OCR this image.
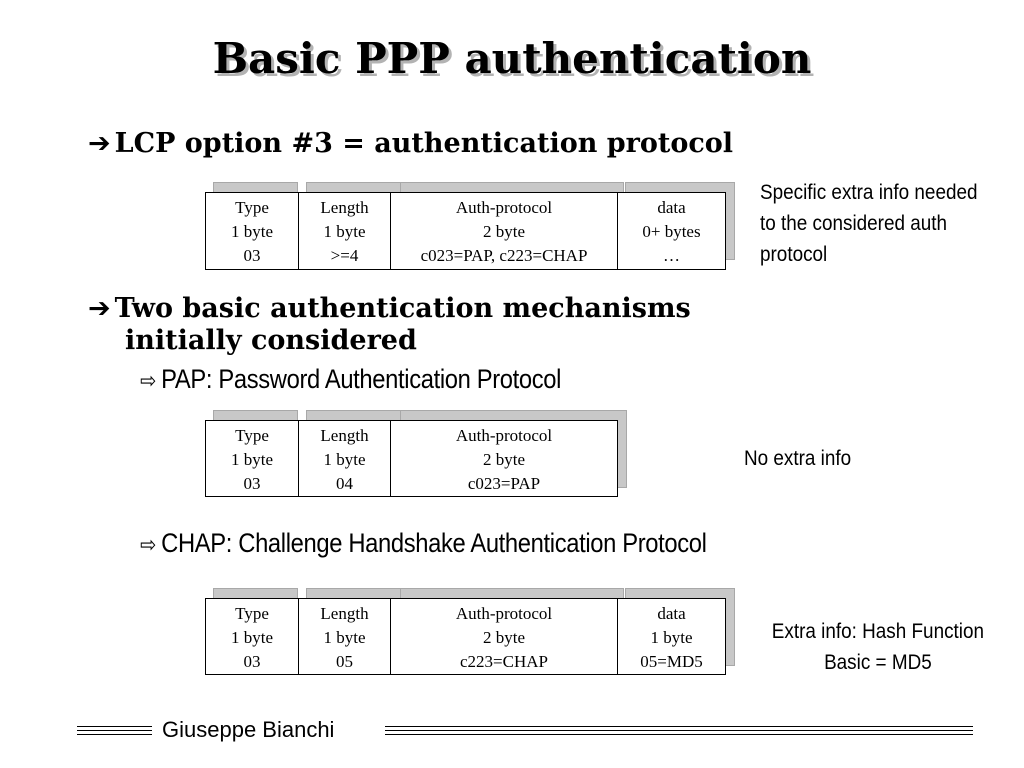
Basic PPP authentication
➔ LCP option #3 = authentication protocol
Type
1 byte
03
Length
1 byte
>=4
Auth-protocol
2 byte
c023=PAP, c223=CHAP
data
0+ bytes
…
Specific extra info needed
to the considered auth
protocol
➔ Two basic authentication mechanisms
initially considered
⇨ PAP: Password Authentication Protocol
Type
1 byte
03
Length
1 byte
04
Auth-protocol
2 byte
c023=PAP
No extra info
⇨ CHAP: Challenge Handshake Authentication Protocol
Type
1 byte
03
Length
1 byte
05
Auth-protocol
2 byte
c223=CHAP
data
1 byte
05=MD5
Extra info: Hash Function
Basic = MD5
Giuseppe Bianchi
